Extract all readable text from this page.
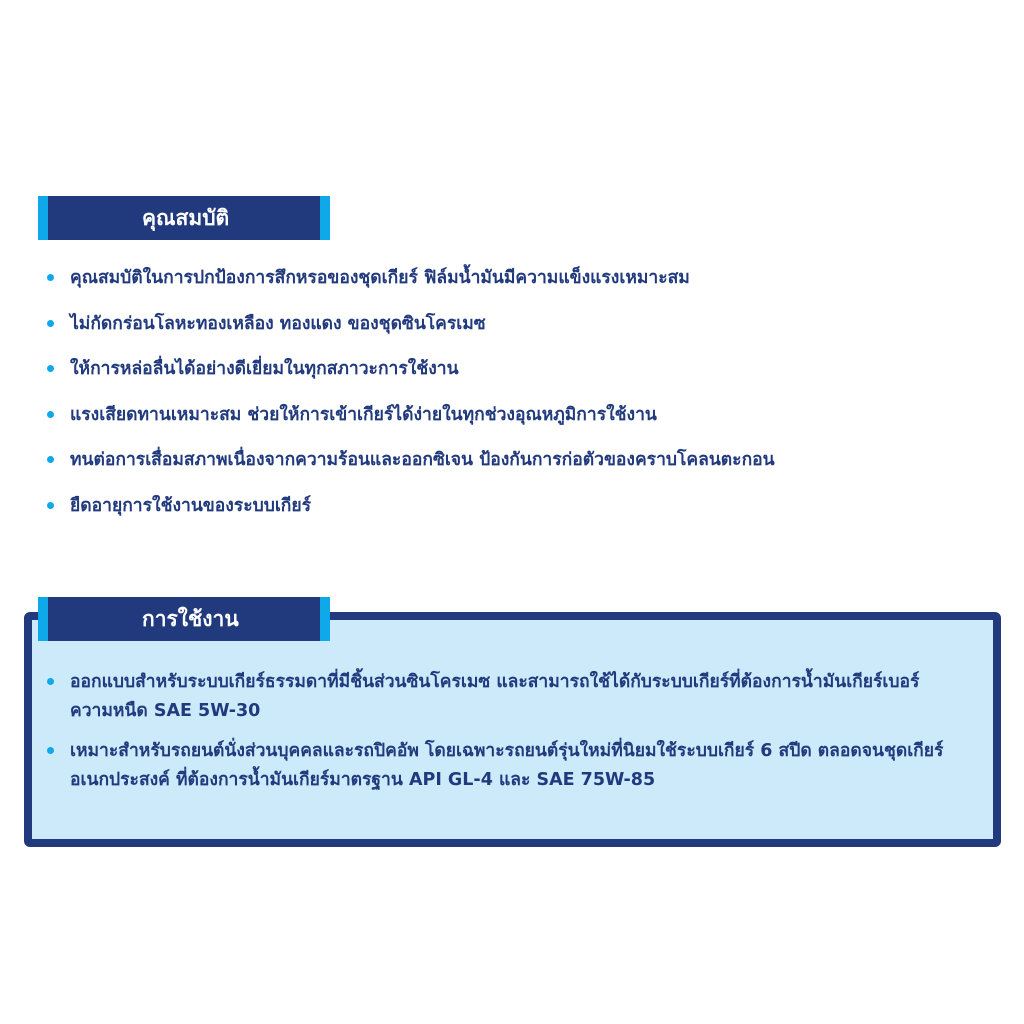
คุณสมบัติ
คุณสมบัติในการปกป้องการสึกหรอของชุดเกียร์ ฟิล์มน้ำมันมีความแข็งแรงเหมาะสม
ไม่กัดกร่อนโลหะทองเหลือง ทองแดง ของชุดซินโครเมซ
ให้การหล่อลื่นได้อย่างดีเยี่ยมในทุกสภาวะการใช้งาน
แรงเสียดทานเหมาะสม ช่วยให้การเข้าเกียร์ได้ง่ายในทุกช่วงอุณหภูมิการใช้งาน
ทนต่อการเสื่อมสภาพเนื่องจากความร้อนและออกซิเจน ป้องกันการก่อตัวของคราบโคลนตะกอน
ยืดอายุการใช้งานของระบบเกียร์
การใช้งาน
ออกแบบสำหรับระบบเกียร์ธรรมดาที่มีชิ้นส่วนซินโครเมซ และสามารถใช้ได้กับระบบเกียร์ที่ต้องการน้ำมันเกียร์เบอร์ความหนืด SAE 5W-30
เหมาะสำหรับรถยนต์นั่งส่วนบุคคลและรถปิคอัพ โดยเฉพาะรถยนต์รุ่นใหม่ที่นิยมใช้ระบบเกียร์ 6 สปีด ตลอดจนชุดเกียร์อเนกประสงค์ ที่ต้องการน้ำมันเกียร์มาตรฐาน API GL-4 และ SAE 75W-85
